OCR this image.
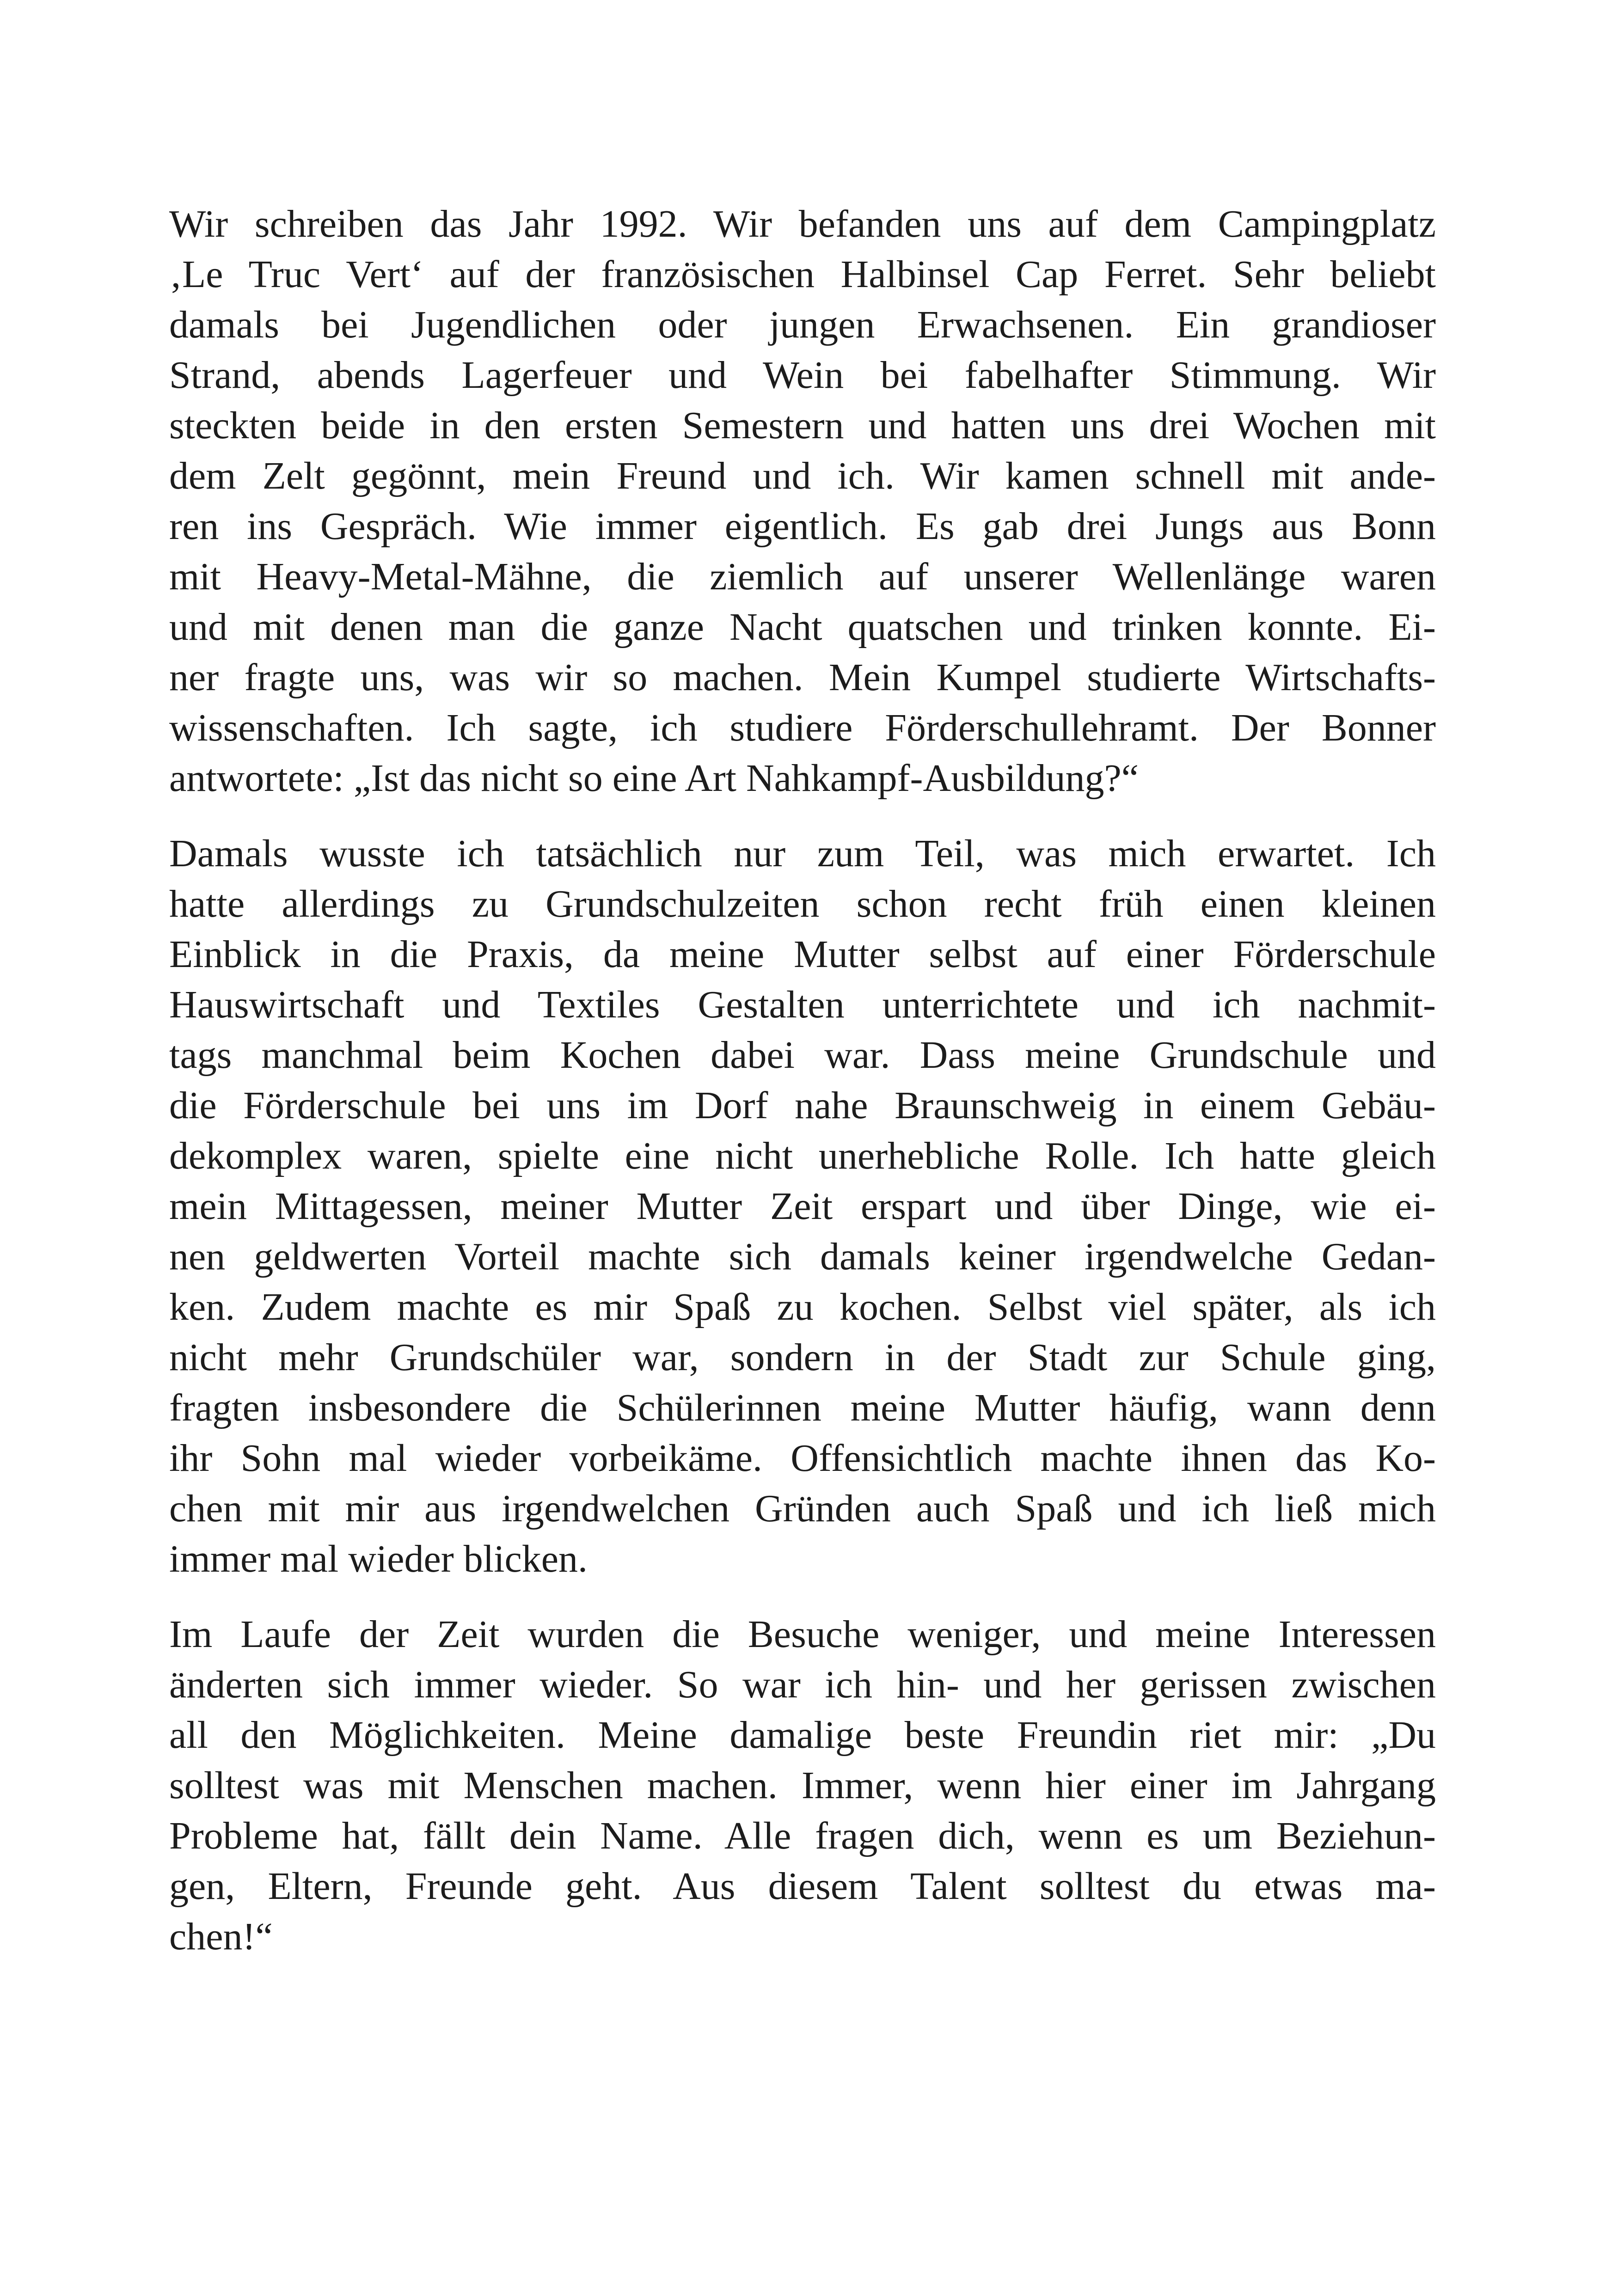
Wir schreiben das Jahr 1992. Wir befanden uns auf dem Campingplatz
‚Le Truc Vert‘ auf der französischen Halbinsel Cap Ferret. Sehr beliebt
damals bei Jugendlichen oder jungen Erwachsenen. Ein grandioser
Strand, abends Lagerfeuer und Wein bei fabelhafter Stimmung. Wir
steckten beide in den ersten Semestern und hatten uns drei Wochen mit
dem Zelt gegönnt, mein Freund und ich. Wir kamen schnell mit ande-
ren ins Gespräch. Wie immer eigentlich. Es gab drei Jungs aus Bonn
mit Heavy-Metal-Mähne, die ziemlich auf unserer Wellenlänge waren
und mit denen man die ganze Nacht quatschen und trinken konnte. Ei-
ner fragte uns, was wir so machen. Mein Kumpel studierte Wirtschafts-
wissenschaften. Ich sagte, ich studiere Förderschullehramt. Der Bonner
antwortete: „Ist das nicht so eine Art Nahkampf-Ausbildung?“
Damals wusste ich tatsächlich nur zum Teil, was mich erwartet. Ich
hatte allerdings zu Grundschulzeiten schon recht früh einen kleinen
Einblick in die Praxis, da meine Mutter selbst auf einer Förderschule
Hauswirtschaft und Textiles Gestalten unterrichtete und ich nachmit-
tags manchmal beim Kochen dabei war. Dass meine Grundschule und
die Förderschule bei uns im Dorf nahe Braunschweig in einem Gebäu-
dekomplex waren, spielte eine nicht unerhebliche Rolle. Ich hatte gleich
mein Mittagessen, meiner Mutter Zeit erspart und über Dinge, wie ei-
nen geldwerten Vorteil machte sich damals keiner irgendwelche Gedan-
ken. Zudem machte es mir Spaß zu kochen. Selbst viel später, als ich
nicht mehr Grundschüler war, sondern in der Stadt zur Schule ging,
fragten insbesondere die Schülerinnen meine Mutter häufig, wann denn
ihr Sohn mal wieder vorbeikäme. Offensichtlich machte ihnen das Ko-
chen mit mir aus irgendwelchen Gründen auch Spaß und ich ließ mich
immer mal wieder blicken.
Im Laufe der Zeit wurden die Besuche weniger, und meine Interessen
änderten sich immer wieder. So war ich hin- und her gerissen zwischen
all den Möglichkeiten. Meine damalige beste Freundin riet mir: „Du
solltest was mit Menschen machen. Immer, wenn hier einer im Jahrgang
Probleme hat, fällt dein Name. Alle fragen dich, wenn es um Beziehun-
gen, Eltern, Freunde geht. Aus diesem Talent solltest du etwas ma-
chen!“
